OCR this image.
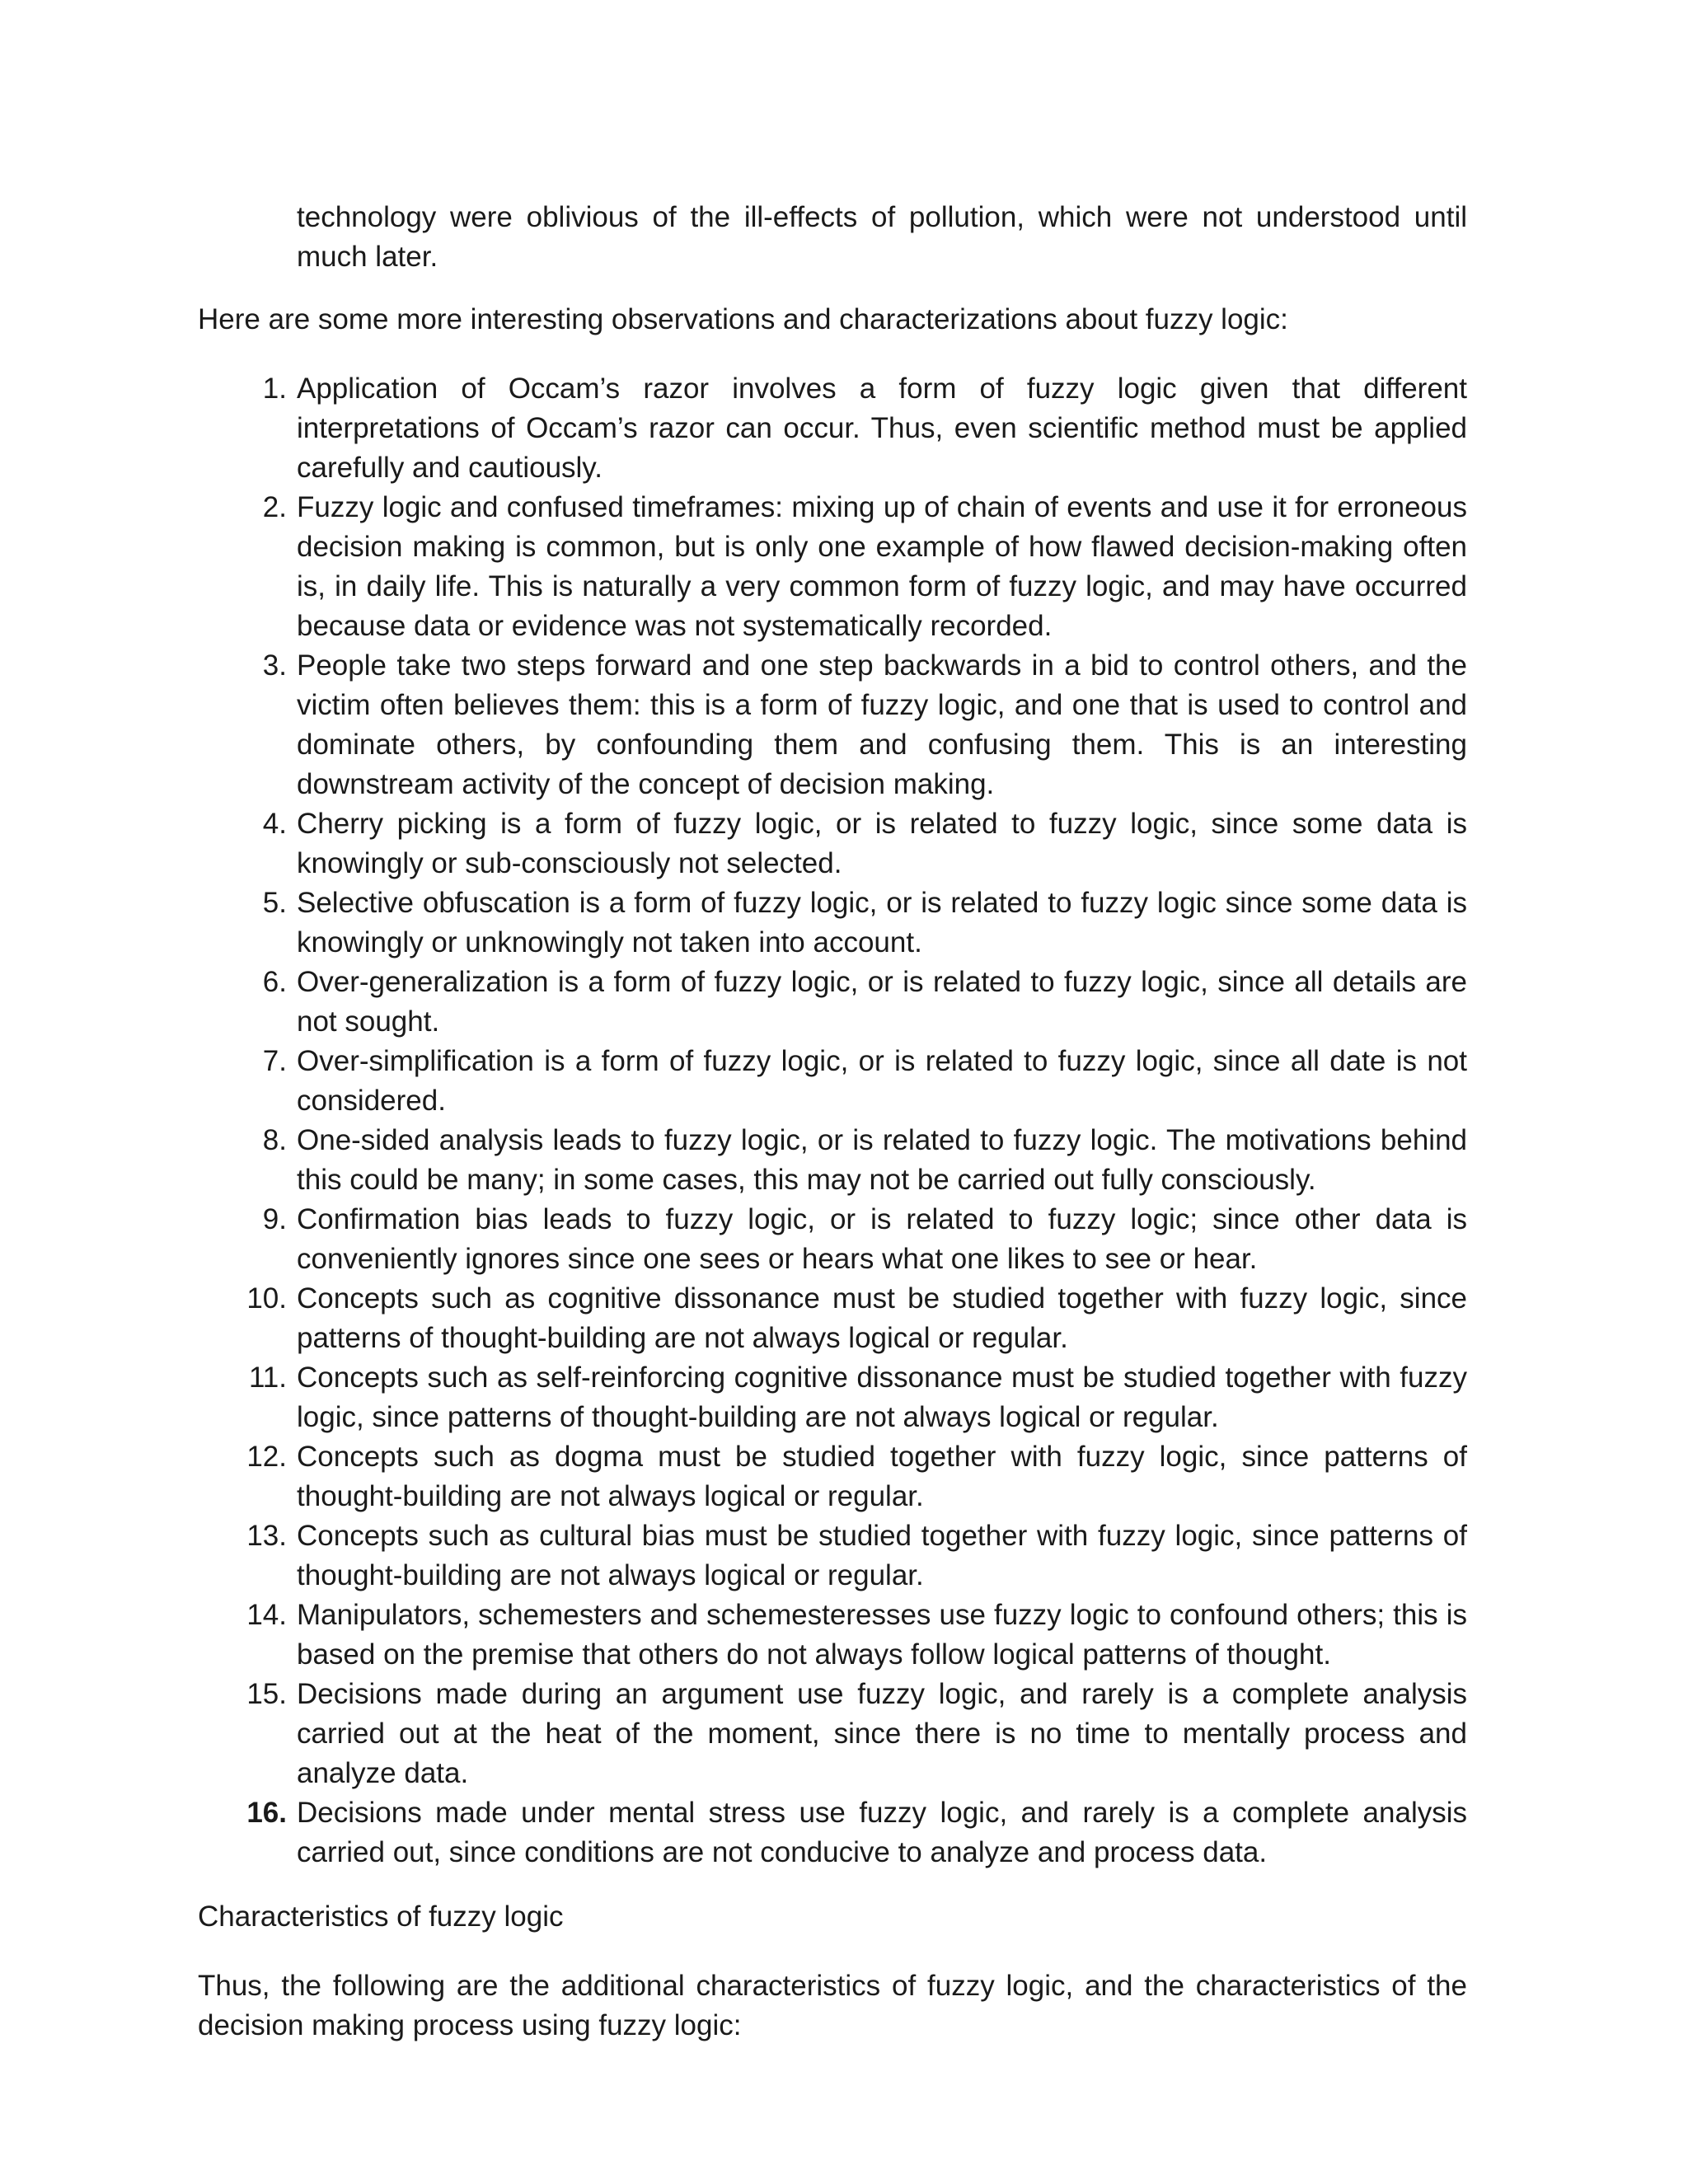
technology were oblivious of the ill-effects of pollution, which were not understood until much later.

Here are some more interesting observations and characterizations about fuzzy logic:

1. Application of Occam’s razor involves a form of fuzzy logic given that different interpretations of Occam’s razor can occur. Thus, even scientific method must be applied carefully and cautiously.
2. Fuzzy logic and confused timeframes: mixing up of chain of events and use it for erroneous decision making is common, but is only one example of how flawed decision-making often is, in daily life. This is naturally a very common form of fuzzy logic, and may have occurred because data or evidence was not systematically recorded.
3. People take two steps forward and one step backwards in a bid to control others, and the victim often believes them: this is a form of fuzzy logic, and one that is used to control and dominate others, by confounding them and confusing them. This is an interesting downstream activity of the concept of decision making.
4. Cherry picking is a form of fuzzy logic, or is related to fuzzy logic, since some data is knowingly or sub-consciously not selected.
5. Selective obfuscation is a form of fuzzy logic, or is related to fuzzy logic since some data is knowingly or unknowingly not taken into account.
6. Over-generalization is a form of fuzzy logic, or is related to fuzzy logic, since all details are not sought.
7. Over-simplification is a form of fuzzy logic, or is related to fuzzy logic, since all date is not considered.
8. One-sided analysis leads to fuzzy logic, or is related to fuzzy logic. The motivations behind this could be many; in some cases, this may not be carried out fully consciously.
9. Confirmation bias leads to fuzzy logic, or is related to fuzzy logic; since other data is conveniently ignores since one sees or hears what one likes to see or hear.
10. Concepts such as cognitive dissonance must be studied together with fuzzy logic, since patterns of thought-building are not always logical or regular.
11. Concepts such as self-reinforcing cognitive dissonance must be studied together with fuzzy logic, since patterns of thought-building are not always logical or regular.
12. Concepts such as dogma must be studied together with fuzzy logic, since patterns of thought-building are not always logical or regular.
13. Concepts such as cultural bias must be studied together with fuzzy logic, since patterns of thought-building are not always logical or regular.
14. Manipulators, schemesters and schemesteresses use fuzzy logic to confound others; this is based on the premise that others do not always follow logical patterns of thought.
15. Decisions made during an argument use fuzzy logic, and rarely is a complete analysis carried out at the heat of the moment, since there is no time to mentally process and analyze data.
16. Decisions made under mental stress use fuzzy logic, and rarely is a complete analysis carried out, since conditions are not conducive to analyze and process data.
Characteristics of fuzzy logic

Thus, the following are the additional characteristics of fuzzy logic, and the characteristics of the decision making process using fuzzy logic:
